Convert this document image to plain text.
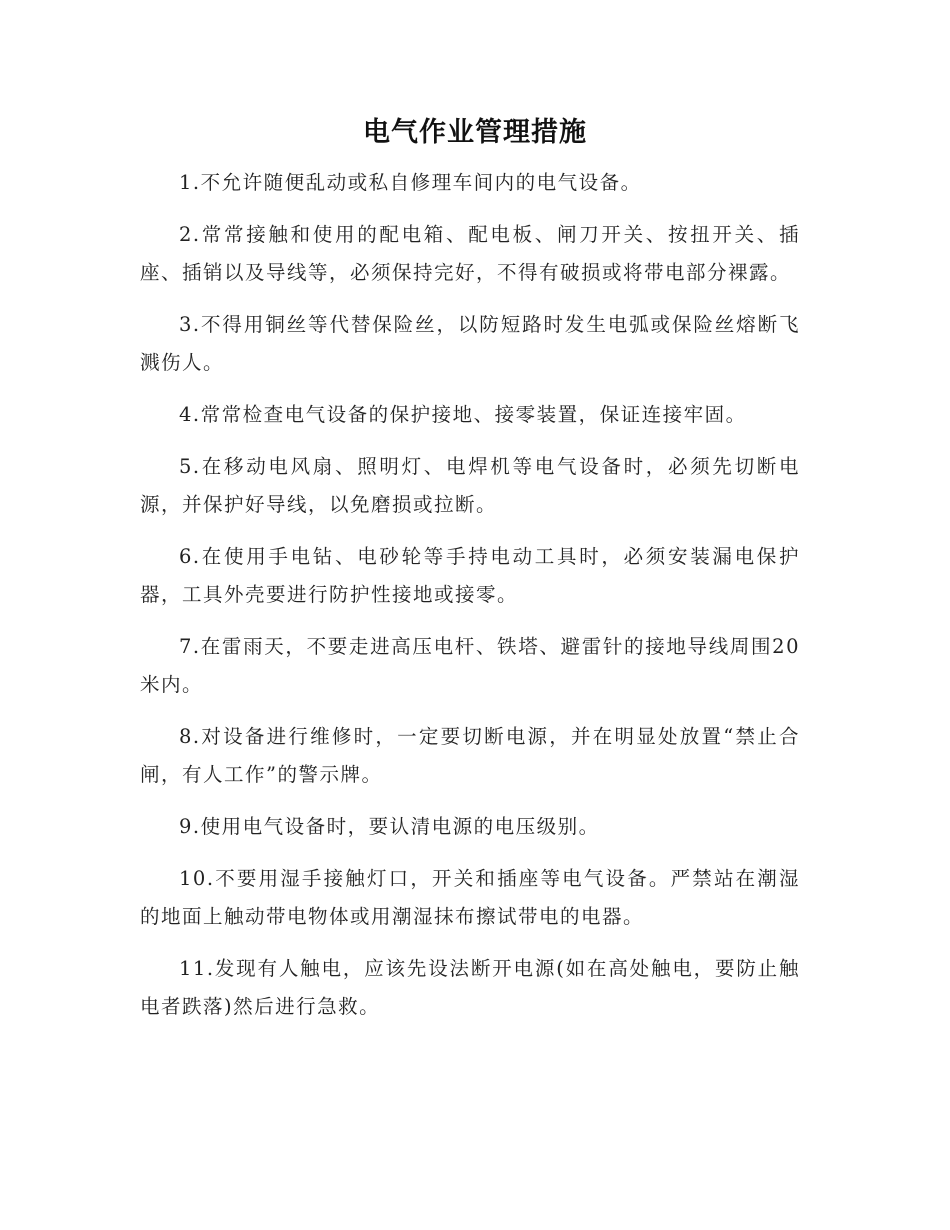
电气作业管理措施

1.不允许随便乱动或私自修理车间内的电气设备。

2.常常接触和使用的配电箱、配电板、闸刀开关、按扭开关、插座、插销以及导线等，必须保持完好，不得有破损或将带电部分裸露。

3.不得用铜丝等代替保险丝，以防短路时发生电弧或保险丝熔断飞溅伤人。

4.常常检查电气设备的保护接地、接零装置，保证连接牢固。

5.在移动电风扇、照明灯、电焊机等电气设备时，必须先切断电源，并保护好导线，以免磨损或拉断。

6.在使用手电钻、电砂轮等手持电动工具时，必须安装漏电保护器，工具外壳要进行防护性接地或接零。

7.在雷雨天，不要走进高压电杆、铁塔、避雷针的接地导线周围20米内。

8.对设备进行维修时，一定要切断电源，并在明显处放置“禁止合闸，有人工作”的警示牌。

9.使用电气设备时，要认清电源的电压级别。

10.不要用湿手接触灯口，开关和插座等电气设备。严禁站在潮湿的地面上触动带电物体或用潮湿抹布擦试带电的电器。

11.发现有人触电，应该先设法断开电源(如在高处触电，要防止触电者跌落)然后进行急救。
